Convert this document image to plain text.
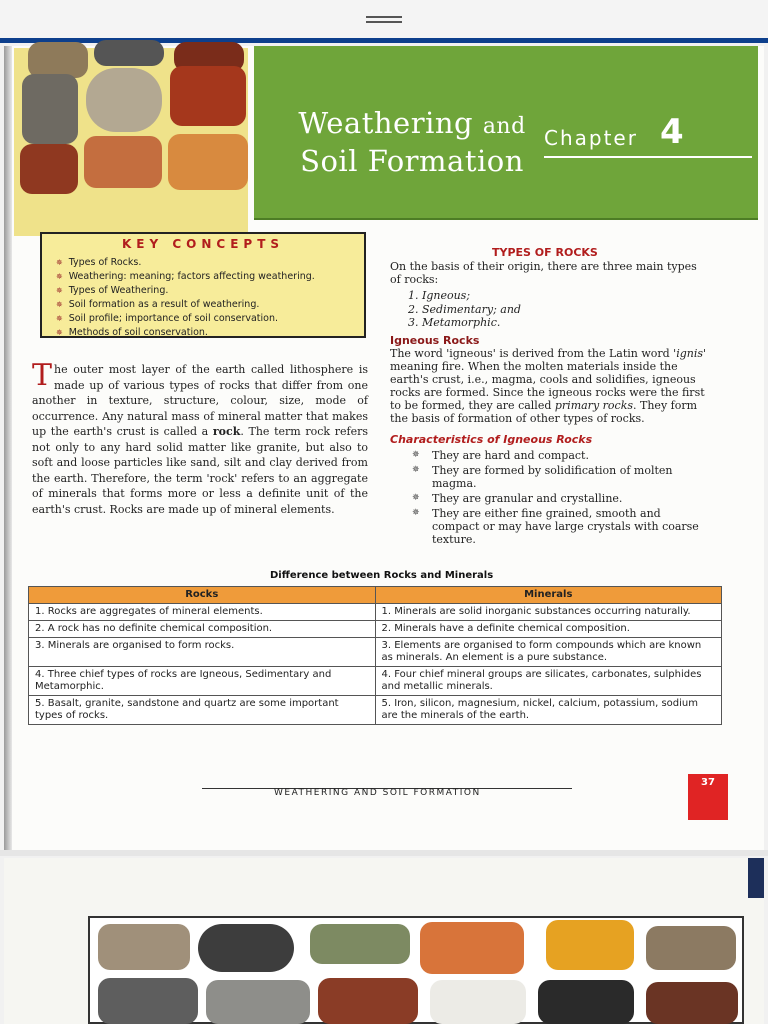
Weathering and
Soil Formation
Chapter 4
KEY CONCEPTS
✵ Types of Rocks.
✵ Weathering: meaning; factors affecting weathering.
✵ Types of Weathering.
✵ Soil formation as a result of weathering.
✵ Soil profile; importance of soil conservation.
✵ Methods of soil conservation.
The outer most layer of the earth called lithosphere is made up of various types of rocks that differ from one another in texture, structure, colour, size, mode of occurrence. Any natural mass of mineral matter that makes up the earth's crust is called a rock. The term rock refers not only to any hard solid matter like granite, but also to soft and loose particles like sand, silt and clay derived from the earth. Therefore, the term 'rock' refers to an aggregate of minerals that forms more or less a definite unit of the earth's crust. Rocks are made up of mineral elements.
TYPES OF ROCKS

On the basis of their origin, there are three main types of rocks:

1. Igneous;
2. Sedimentary; and
3. Metamorphic.
Igneous Rocks

The word 'igneous' is derived from the Latin word 'ignis' meaning fire. When the molten materials inside the earth's crust, i.e., magma, cools and solidifies, igneous rocks are formed. Since the igneous rocks were the first to be formed, they are called primary rocks. They form the basis of formation of other types of rocks.

Characteristics of Igneous Rocks
✵ They are hard and compact.
✵ They are formed by solidification of molten magma.
✵ They are granular and crystalline.
✵ They are either fine grained, smooth and compact or may have large crystals with coarse texture.
Difference between Rocks and Minerals
Rocks	Minerals
1. Rocks are aggregates of mineral elements.	1. Minerals are solid inorganic substances occurring naturally.
2. A rock has no definite chemical composition.	2. Minerals have a definite chemical composition.
3. Minerals are organised to form rocks.	3. Elements are organised to form compounds which are known as minerals. An element is a pure substance.
4. Three chief types of rocks are Igneous, Sedimentary and Metamorphic.	4. Four chief mineral groups are silicates, carbonates, sulphides and metallic minerals.
5. Basalt, granite, sandstone and quartz are some important types of rocks.	5. Iron, silicon, magnesium, nickel, calcium, potassium, sodium are the minerals of the earth.
WEATHERING AND SOIL FORMATION
37
